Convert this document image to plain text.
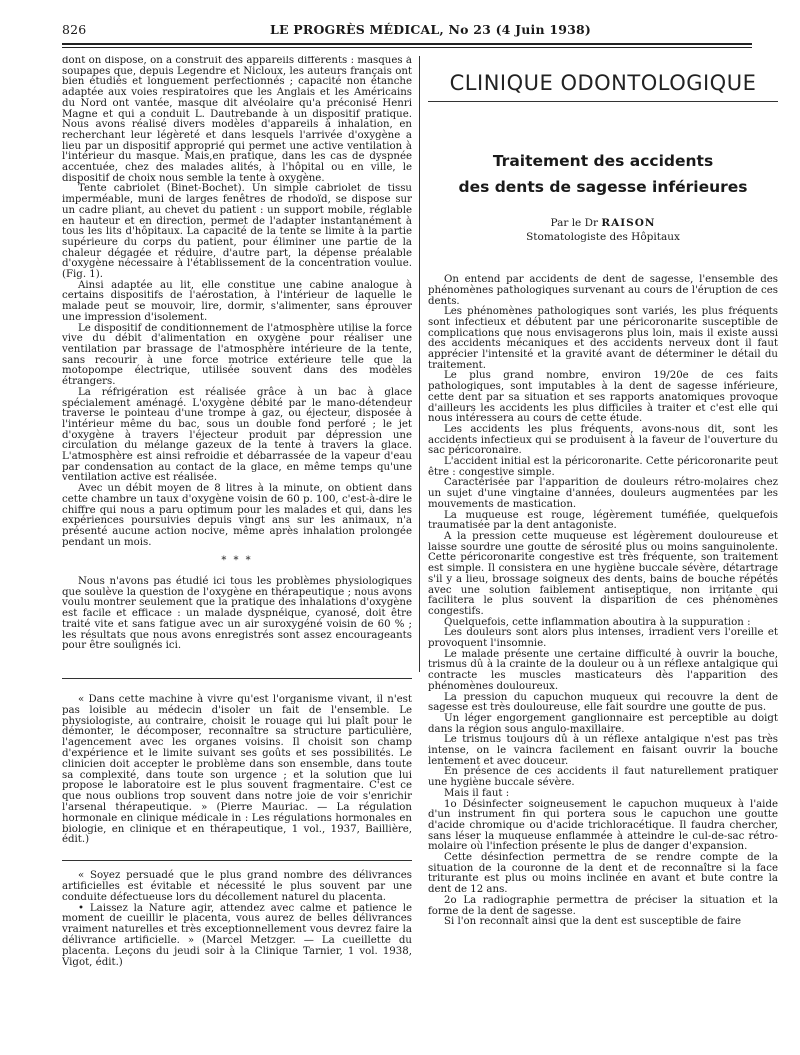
826	LE PROGRÈS MÉDICAL, No 23 (4 Juin 1938)

dont on dispose, on a construit des appareils différents : masques à soupapes que, depuis Legendre et Nicloux, les auteurs français ont bien étudiés et longuement perfectionnés ; capacité non étanche adaptée aux voies respiratoires que les Anglais et les Américains du Nord ont vantée, masque dit alvéolaire qu'a préconisé Henri Magne et qui a conduit L. Dautrebande à un dispositif pratique. Nous avons réalisé divers modèles d'appareils à inhalation, en recherchant leur légèreté et dans lesquels l'arrivée d'oxygène a lieu par un dispositif approprié qui permet une active ventilation à l'intérieur du masque. Mais,en pratique, dans les cas de dyspnée accentuée, chez des malades alités, à l'hôpital ou en ville, le dispositif de choix nous semble la tente à oxygène.

Tente cabriolet (Binet-Bochet). Un simple cabriolet de tissu imperméable, muni de larges fenêtres de rhodoïd, se dispose sur un cadre pliant, au chevet du patient : un support mobile, réglable en hauteur et en direction, permet de l'adapter instantanément à tous les lits d'hôpitaux. La capacité de la tente se limite à la partie supérieure du corps du patient, pour éliminer une partie de la chaleur dégagée et réduire, d'autre part, la dépense préalable d'oxygène nécessaire à l'établissement de la concentration voulue. (Fig. 1).

Ainsi adaptée au lit, elle constitue une cabine analogue à certains dispositifs de l'aérostation, à l'intérieur de laquelle le malade peut se mouvoir, lire, dormir, s'alimenter, sans éprouver une impression d'isolement.

Le dispositif de conditionnement de l'atmosphère utilise la force vive du débit d'alimentation en oxygène pour réaliser une ventilation par brassage de l'atmosphère intérieure de la tente, sans recourir à une force motrice extérieure telle que la motopompe électrique, utilisée souvent dans des modèles étrangers.

La réfrigération est réalisée grâce à un bac à glace spécialement aménagé. L'oxygène débité par le mano-détendeur traverse le pointeau d'une trompe à gaz, ou éjecteur, disposée à l'intérieur même du bac, sous un double fond perforé ; le jet d'oxygène à travers l'éjecteur produit par dépression une circulation du mélange gazeux de la tente à travers la glace. L'atmosphère est ainsi refroidie et débarrassée de la vapeur d'eau par condensation au contact de la glace, en même temps qu'une ventilation active est réalisée.

Avec un débit moyen de 8 litres à la minute, on obtient dans cette chambre un taux d'oxygène voisin de 60 p. 100, c'est-à-dire le chiffre qui nous a paru optimum pour les malades et qui, dans les expériences poursuivies depuis vingt ans sur les animaux, n'a présenté aucune action nocive, même après inhalation prolongée pendant un mois.

* * *

Nous n'avons pas étudié ici tous les problèmes physiologiques que soulève la question de l'oxygène en thérapeutique ; nous avons voulu montrer seulement que la pratique des inhalations d'oxygène est facile et efficace : un malade dyspnéique, cyanosé, doit être traité vite et sans fatigue avec un air suroxygéné voisin de 60 % ; les résultats que nous avons enregistrés sont assez encourageants pour être soulignés ici.

« Dans cette machine à vivre qu'est l'organisme vivant, il n'est pas loisible au médecin d'isoler un fait de l'ensemble. Le physiologiste, au contraire, choisit le rouage qui lui plaît pour le démonter, le décomposer, reconnaître sa structure particulière, l'agencement avec les organes voisins. Il choisit son champ d'expérience et le limite suivant ses goûts et ses possibilités. Le clinicien doit accepter le problème dans son ensemble, dans toute sa complexité, dans toute son urgence ; et la solution que lui propose le laboratoire est le plus souvent fragmentaire. C'est ce que nous oublions trop souvent dans notre joie de voir s'enrichir l'arsenal thérapeutique. » (Pierre Mauriac. — La régulation hormonale en clinique médicale in : Les régulations hormonales en biologie, en clinique et en thérapeutique, 1 vol., 1937, Baillière, édit.)

« Soyez persuadé que le plus grand nombre des délivrances artificielles est évitable et nécessité le plus souvent par une conduite défectueuse lors du décollement naturel du placenta.

• Laissez la Nature agir, attendez avec calme et patience le moment de cueillir le placenta, vous aurez de belles délivrances vraiment naturelles et très exceptionnellement vous devrez faire la délivrance artificielle. » (Marcel Metzger. — La cueillette du placenta. Leçons du jeudi soir à la Clinique Tarnier, 1 vol. 1938, Vigot, édit.)

CLINIQUE ODONTOLOGIQUE
Traitement des accidents
des dents de sagesse inférieures
Par le Dr RAISON
Stomatologiste des Hôpitaux

On entend par accidents de dent de sagesse, l'ensemble des phénomènes pathologiques survenant au cours de l'éruption de ces dents.

Les phénomènes pathologiques sont variés, les plus fréquents sont infectieux et débutent par une péricoronarite susceptible de complications que nous envisagerons plus loin, mais il existe aussi des accidents mécaniques et des accidents nerveux dont il faut apprécier l'intensité et la gravité avant de déterminer le détail du traitement.

Le plus grand nombre, environ 19/20e de ces faits pathologiques, sont imputables à la dent de sagesse inférieure, cette dent par sa situation et ses rapports anatomiques provoque d'ailleurs les accidents les plus difficiles à traiter et c'est elle qui nous intéressera au cours de cette étude.

Les accidents les plus fréquents, avons-nous dit, sont les accidents infectieux qui se produisent à la faveur de l'ouverture du sac péricoronaire.

L'accident initial est la péricoronarite. Cette péricoronarite peut être : congestive simple.

Caractérisée par l'apparition de douleurs rétro-molaires chez un sujet d'une vingtaine d'années, douleurs augmentées par les mouvements de mastication.

La muqueuse est rouge, légèrement tuméfiée, quelquefois traumatisée par la dent antagoniste.

A la pression cette muqueuse est légèrement douloureuse et laisse sourdre une goutte de sérosité plus ou moins sanguinolente. Cette péricoronarite congestive est très fréquente, son traitement est simple. Il consistera en une hygiène buccale sévère, détartrage s'il y a lieu, brossage soigneux des dents, bains de bouche répétés avec une solution faiblement antiseptique, non irritante qui facilitera le plus souvent la disparition de ces phénomènes congestifs.

Quelquefois, cette inflammation aboutira à la suppuration :

Les douleurs sont alors plus intenses, irradient vers l'oreille et provoquent l'insomnie.

Le malade présente une certaine difficulté à ouvrir la bouche, trismus dû à la crainte de la douleur ou à un réflexe antalgique qui contracte les muscles masticateurs dès l'apparition des phénomènes douloureux.

La pression du capuchon muqueux qui recouvre la dent de sagesse est très douloureuse, elle fait sourdre une goutte de pus.

Un léger engorgement ganglionnaire est perceptible au doigt dans la région sous angulo-maxillaire.

Le trismus toujours dû à un réflexe antalgique n'est pas très intense, on le vaincra facilement en faisant ouvrir la bouche lentement et avec douceur.

En présence de ces accidents il faut naturellement pratiquer une hygiène buccale sévère.

Mais il faut :

1o Désinfecter soigneusement le capuchon muqueux à l'aide d'un instrument fin qui portera sous le capuchon une goutte d'acide chromique ou d'acide trichloracétique. Il faudra chercher, sans léser la muqueuse enflammée à atteindre le cul-de-sac rétro-molaire où l'infection présente le plus de danger d'expansion.

Cette désinfection permettra de se rendre compte de la situation de la couronne de la dent et de reconnaître si la face triturante est plus ou moins inclinée en avant et bute contre la dent de 12 ans.

2o La radiographie permettra de préciser la situation et la forme de la dent de sagesse.

Si l'on reconnaît ainsi que la dent est susceptible de faire
